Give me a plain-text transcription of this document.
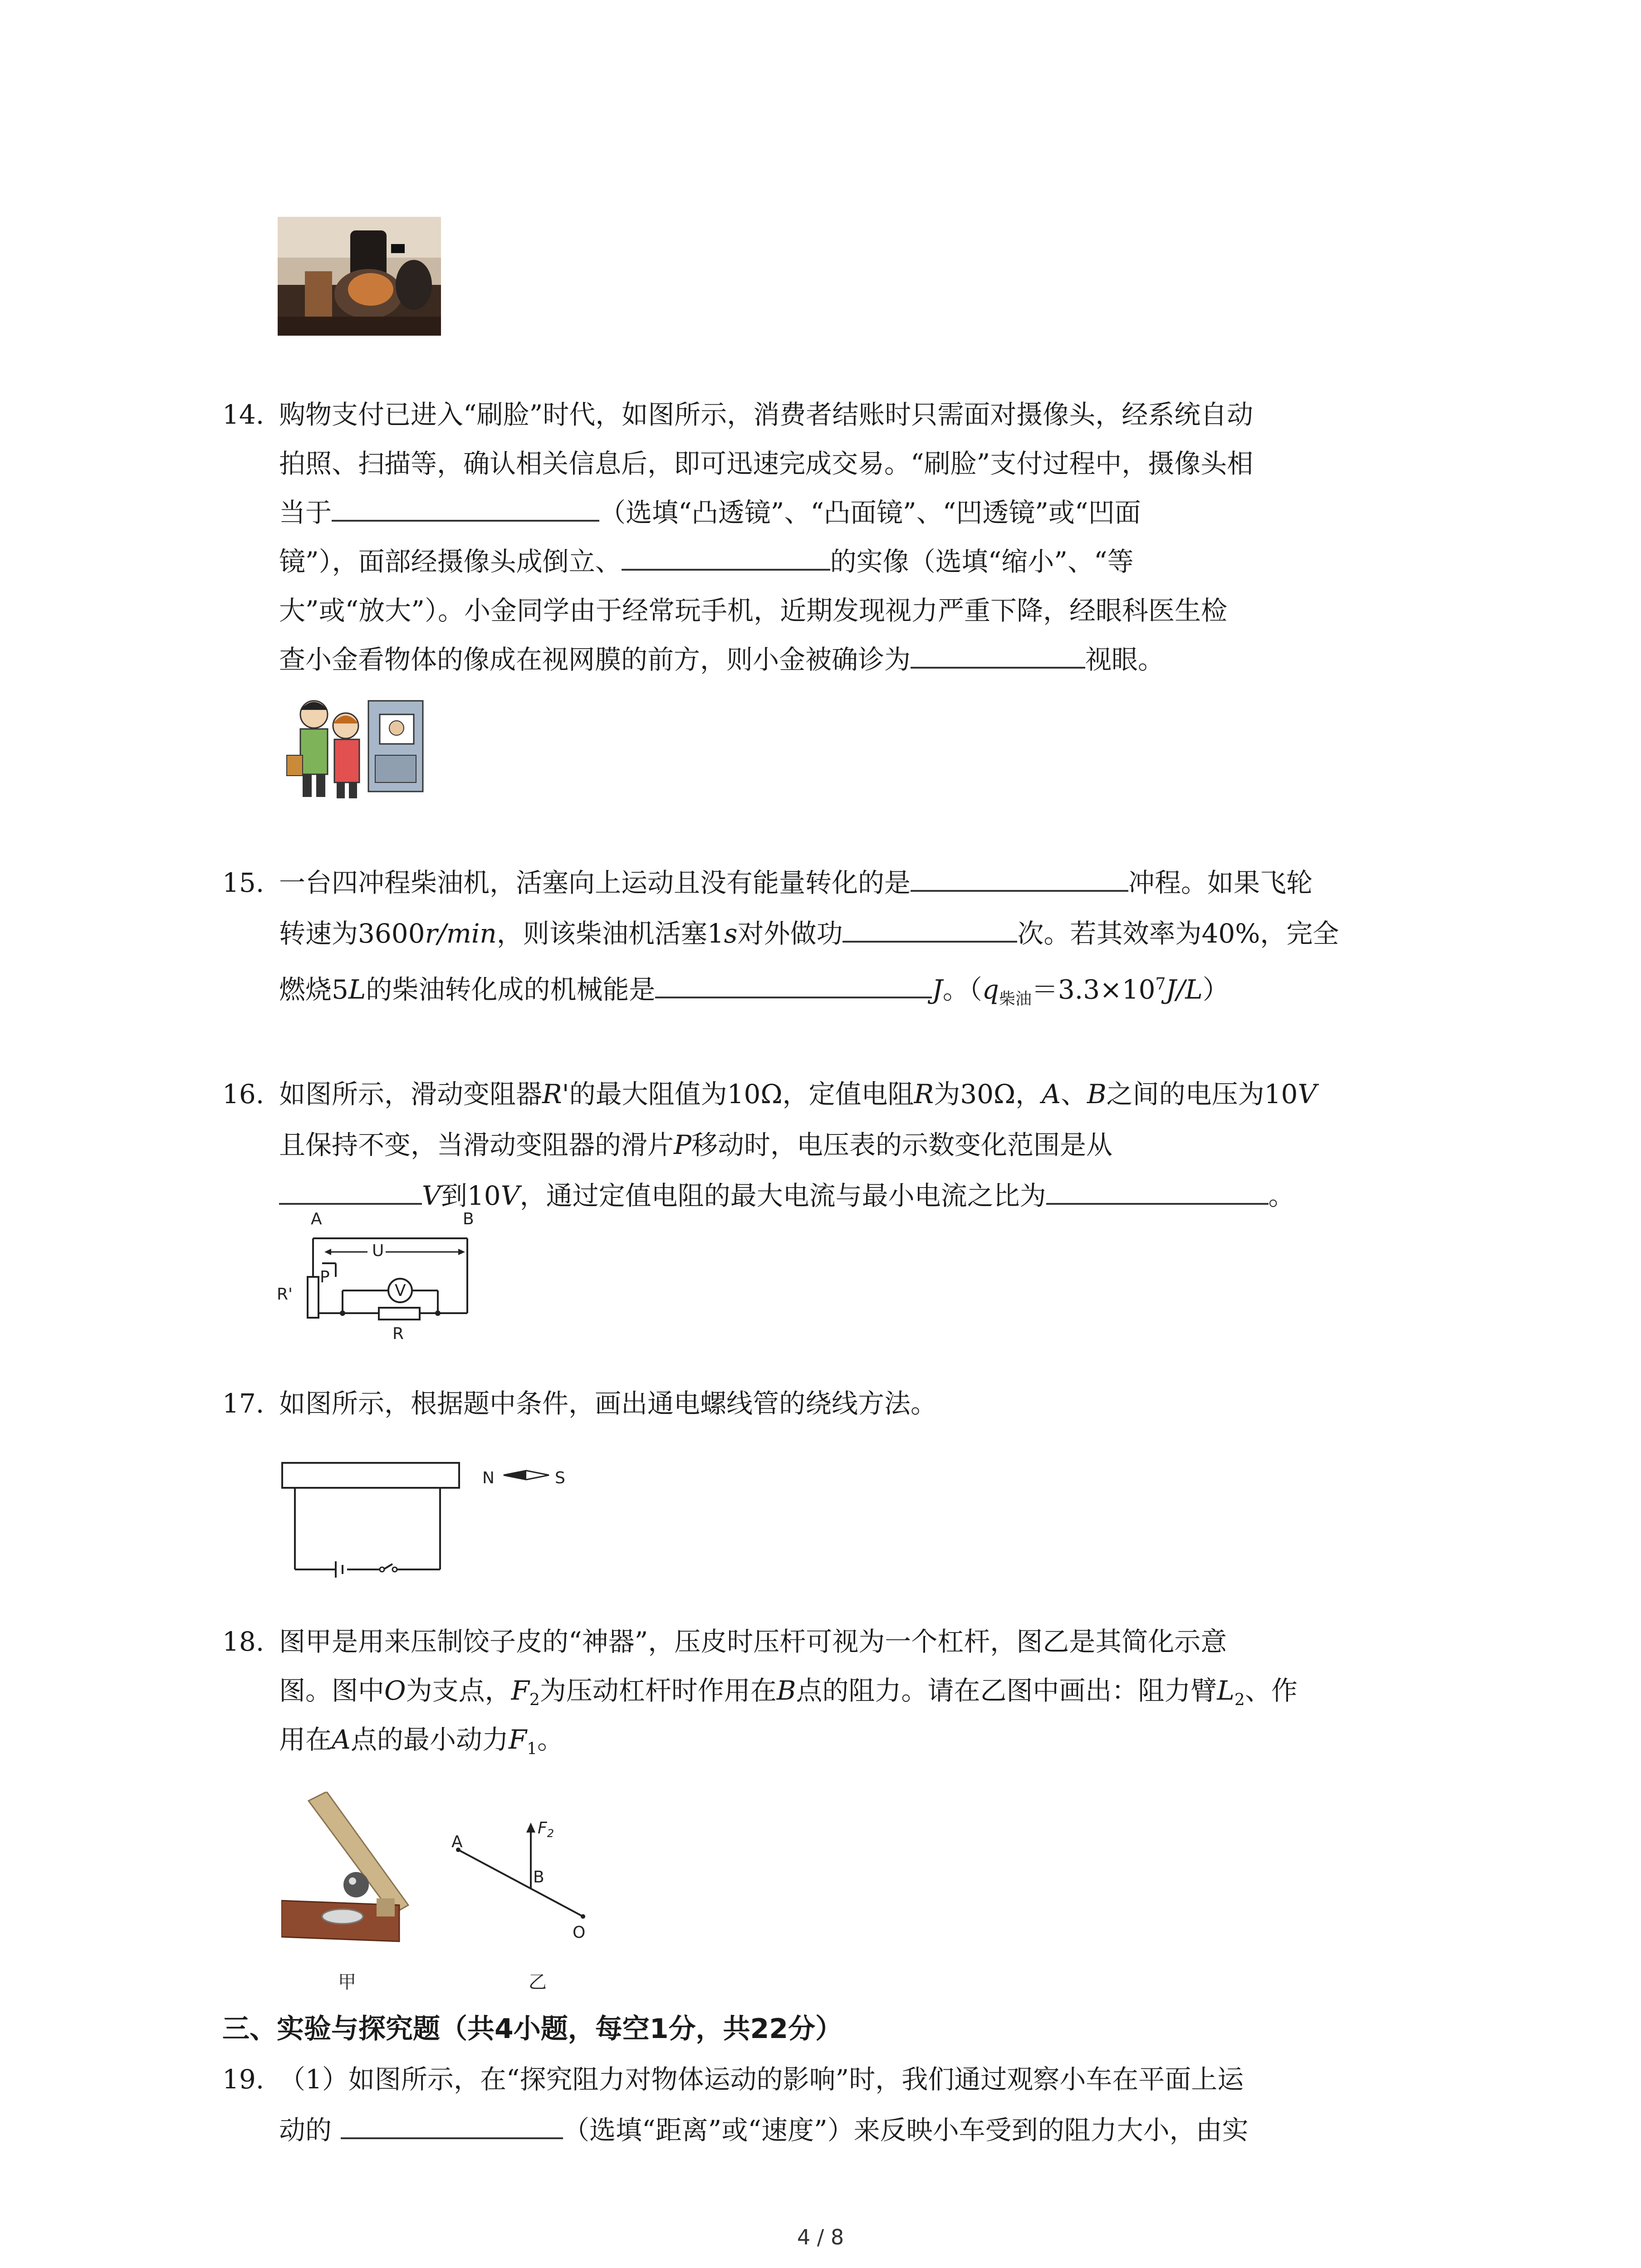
14. 购物支付已进入“刷脸”时代，如图所示，消费者结账时只需面对摄像头，经系统自动
拍照、扫描等，确认相关信息后，即可迅速完成交易。“刷脸”支付过程中，摄像头相
当于	（选填“凸透镜”、“凸面镜”、“凹透镜”或“凹面
镜”），面部经摄像头成倒立、	的实像（选填“缩小”、“等
大”或“放大”）。小金同学由于经常玩手机，近期发现视力严重下降，经眼科医生检
查小金看物体的像成在视网膜的前方，则小金被确诊为	视眼。
15. 一台四冲程柴油机，活塞向上运动且没有能量转化的是	冲程。如果飞轮
转速为3600r/min，则该柴油机活塞1s对外做功	次。若其效率为40%，完全
燃烧5L的柴油转化成的机械能是	J。$(q_{柴油}=3.3\times 10^7J/L)$
16. 如图所示，滑动变阻器R'的最大阻值为10Ω，定值电阻R为30Ω，A、B之间的电压为10V
且保持不变，当滑动变阻器的滑片P移动时，电压表的示数变化范围是从
V到10V，通过定值电阻的最大电流与最小电流之比为	。
A	B
U
P
R'	V
R
17. 如图所示，根据题中条件，画出通电螺线管的绕线方法。
N	S
18. 图甲是用来压制饺子皮的“神器”，压皮时压杆可视为一个杠杆，图乙是其简化示意
图。图中O为支点，$F_2$为压动杠杆时作用在B点的阻力。请在乙图中画出：阻力臂$L_2$、作
用在A点的最小动力$F_1$。
甲
A
B
O
$F_2$
乙
三、实验与探究题（共4小题，每空1分，共22分）
19. （1）如图所示，在“探究阻力对物体运动的影响”时，我们通过观察小车在平面上运
动的	（选填“距离”或“速度”）来反映小车受到的阻力大小，由实
4 / 8
